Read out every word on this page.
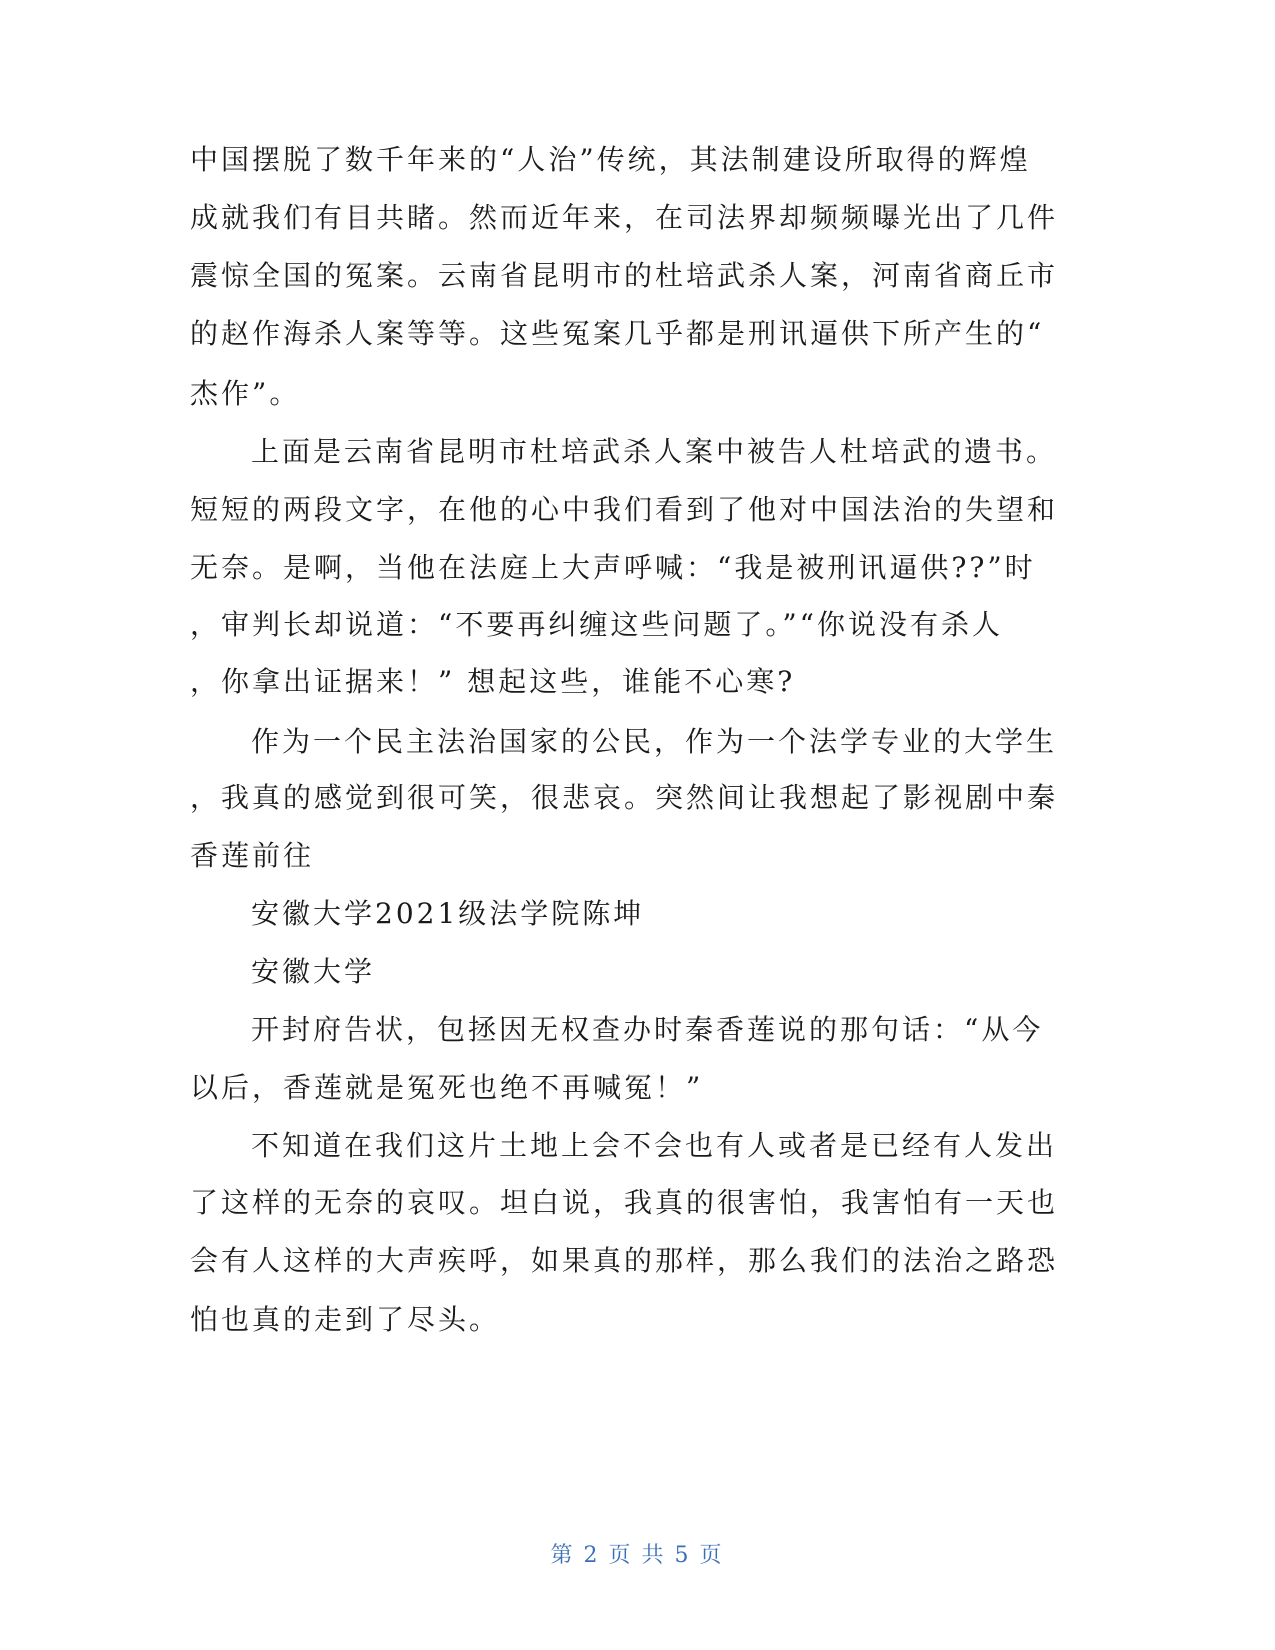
中国摆脱了数千年来的“人治”传统，其法制建设所取得的辉煌
成就我们有目共睹。然而近年来，在司法界却频频曝光出了几件
震惊全国的冤案。云南省昆明市的杜培武杀人案，河南省商丘市
的赵作海杀人案等等。这些冤案几乎都是刑讯逼供下所产生的“
杰作”。
上面是云南省昆明市杜培武杀人案中被告人杜培武的遗书。
短短的两段文字，在他的心中我们看到了他对中国法治的失望和
无奈。是啊，当他在法庭上大声呼喊：“我是被刑讯逼供??”时
，审判长却说道：“不要再纠缠这些问题了。”“你说没有杀人
，你拿出证据来！” 想起这些，谁能不心寒?
作为一个民主法治国家的公民，作为一个法学专业的大学生
，我真的感觉到很可笑，很悲哀。突然间让我想起了影视剧中秦
香莲前往
安徽大学2021级法学院陈坤
安徽大学
开封府告状，包拯因无权查办时秦香莲说的那句话：“从今
以后，香莲就是冤死也绝不再喊冤！”
不知道在我们这片土地上会不会也有人或者是已经有人发出
了这样的无奈的哀叹。坦白说，我真的很害怕，我害怕有一天也
会有人这样的大声疾呼，如果真的那样，那么我们的法治之路恐
怕也真的走到了尽头。
第 2 页 共 5 页
